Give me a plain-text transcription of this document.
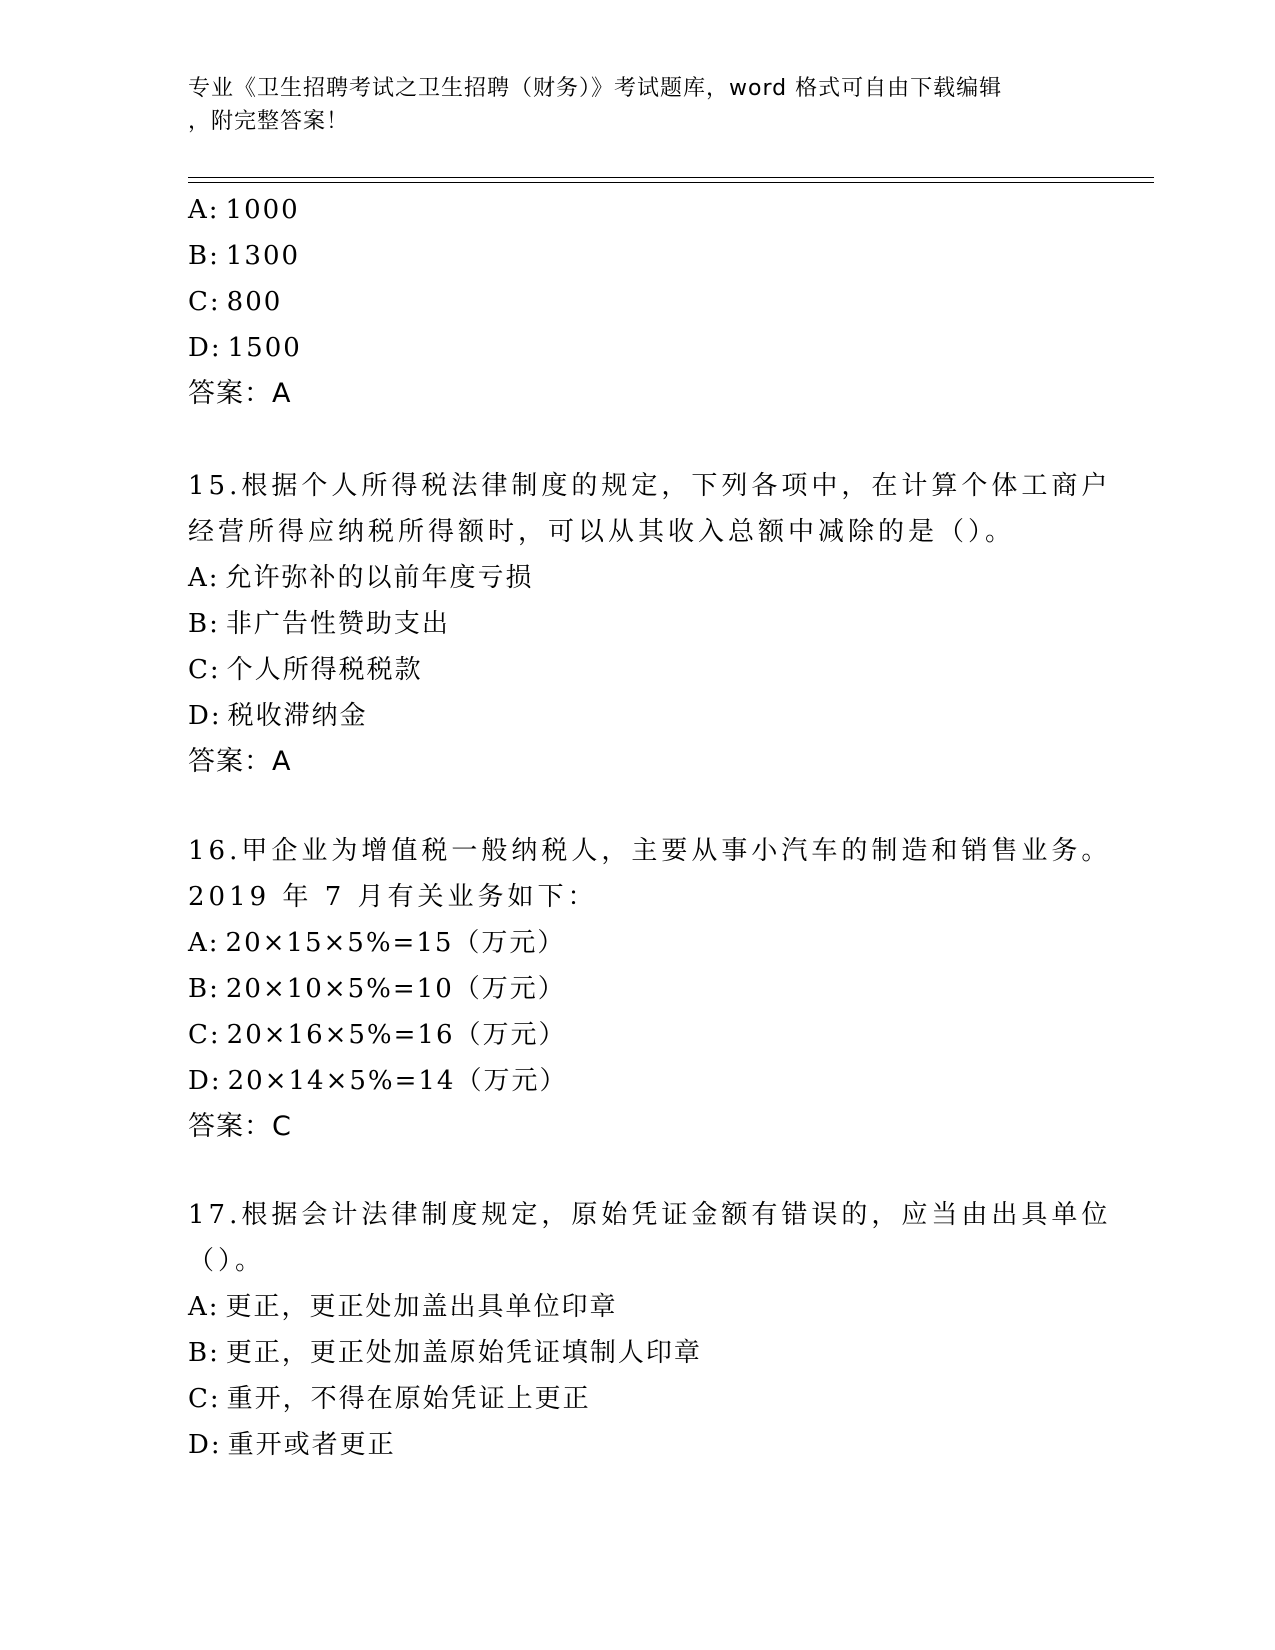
专业《卫生招聘考试之卫生招聘（财务）》考试题库，word 格式可自由下载编辑
，附完整答案！
A: 1000
B: 1300
C: 800
D: 1500
答案：A
15.根据个人所得税法律制度的规定，下列各项中，在计算个体工商户
经营所得应纳税所得额时，可以从其收入总额中减除的是（）。
A: 允许弥补的以前年度亏损
B: 非广告性赞助支出
C: 个人所得税税款
D: 税收滞纳金
答案：A
16.甲企业为增值税一般纳税人，主要从事小汽车的制造和销售业务。
2019 年 7 月有关业务如下：
A: 20×15×5%=15（万元）
B: 20×10×5%=10（万元）
C: 20×16×5%=16（万元）
D: 20×14×5%=14（万元）
答案：C
17.根据会计法律制度规定，原始凭证金额有错误的，应当由出具单位
（）。
A: 更正，更正处加盖出具单位印章
B: 更正，更正处加盖原始凭证填制人印章
C: 重开，不得在原始凭证上更正
D: 重开或者更正
